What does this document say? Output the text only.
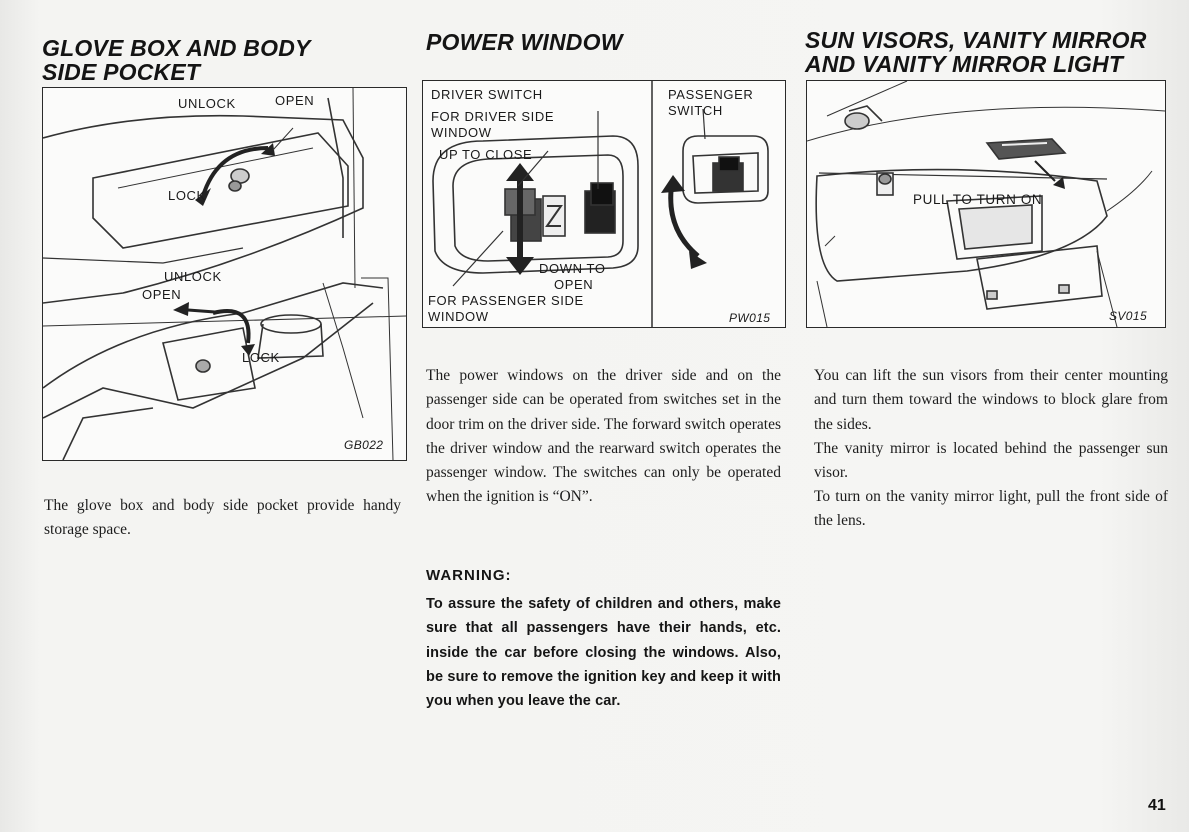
GLOVE BOX AND BODY
SIDE POCKET
UNLOCK	OPEN
LOCK
UNLOCK
OPEN
LOCK
GB022

The glove box and body side pocket provide handy storage space.

POWER WINDOW
DRIVER SWITCH
FOR DRIVER SIDE
WINDOW
UP TO CLOSE
DOWN TO
OPEN
FOR PASSENGER SIDE
WINDOW
PASSENGER
SWITCH
PW015

The power windows on the driver side and on the passenger side can be operated from switches set in the door trim on the driver side. The forward switch operates the driver window and the rearward switch operates the passenger window. The switches can only be operated when the ignition is “ON”.

WARNING:

To assure the safety of children and others, make sure that all passengers have their hands, etc. inside the car before closing the windows. Also, be sure to remove the ignition key and keep it with you when you leave the car.

SUN VISORS, VANITY MIRROR
AND VANITY MIRROR LIGHT
PULL TO TURN ON
SV015

You can lift the sun visors from their center mounting and turn them toward the windows to block glare from the sides.

The vanity mirror is located behind the passenger sun visor.

To turn on the vanity mirror light, pull the front side of the lens.

41
